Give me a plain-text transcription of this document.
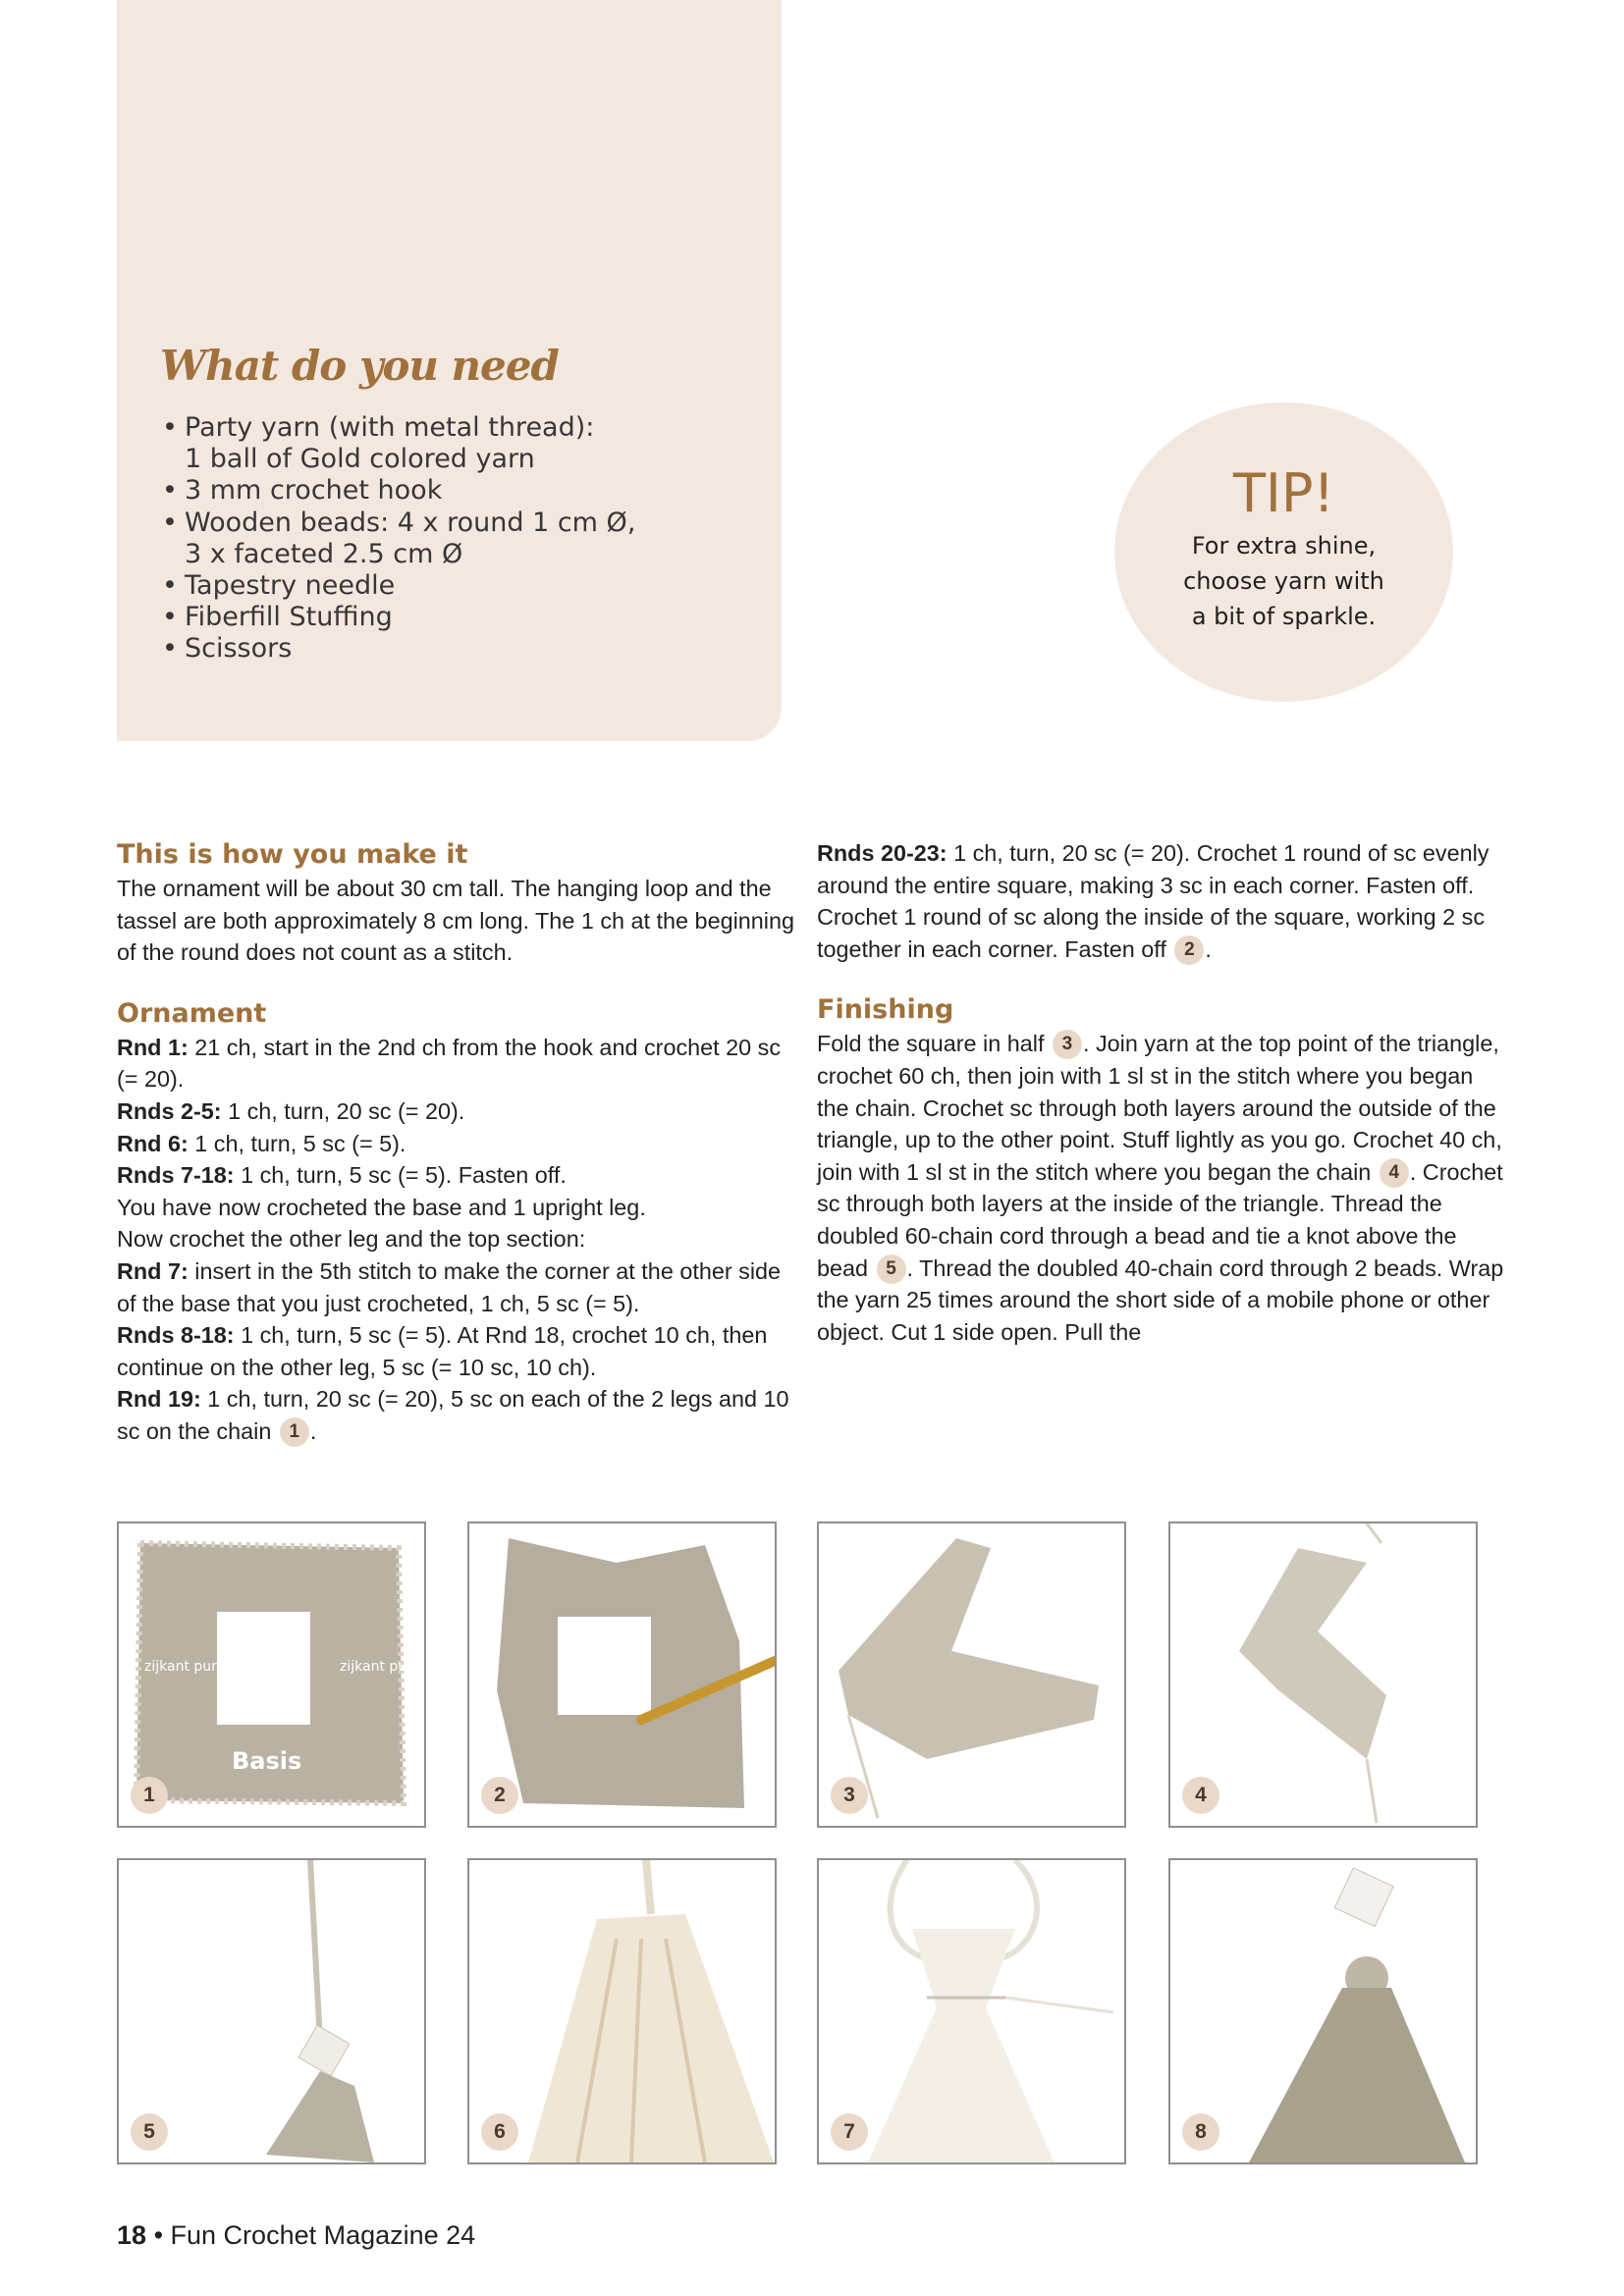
What do you need
• Party yarn (with metal thread):
1 ball of Gold colored yarn
• 3 mm crochet hook
• Wooden beads: 4 x round 1 cm Ø,
3 x faceted 2.5 cm Ø
• Tapestry needle
• Fiberfill Stuffing
• Scissors

TIP!

For extra shine,
choose yarn with
a bit of sparkle.

This is how you make it

The ornament will be about 30 cm tall. The hanging loop and the tassel are both approximately 8 cm long. The 1 ch at the beginning of the round does not count as a stitch.

Ornament

Rnd 1: 21 ch, start in the 2nd ch from the hook and crochet 20 sc (= 20).

Rnds 2-5: 1 ch, turn, 20 sc (= 20).

Rnd 6: 1 ch, turn, 5 sc (= 5).

Rnds 7-18: 1 ch, turn, 5 sc (= 5). Fasten off.

You have now crocheted the base and 1 upright leg.

Now crochet the other leg and the top section:

Rnd 7: insert in the 5th stitch to make the corner at the other side of the base that you just crocheted, 1 ch, 5 sc (= 5).

Rnds 8-18: 1 ch, turn, 5 sc (= 5). At Rnd 18, crochet 10 ch, then continue on the other leg, 5 sc (= 10 sc, 10 ch).

Rnd 19: 1 ch, turn, 20 sc (= 20), 5 sc on each of the 2 legs and 10 sc on the chain 1 .

Rnds 20-23: 1 ch, turn, 20 sc (= 20). Crochet 1 round of sc evenly around the entire square, making 3 sc in each corner. Fasten off.

Crochet 1 round of sc along the inside of the square, working 2 sc together in each corner. Fasten off 2 .

Finishing

Fold the square in half 3 . Join yarn at the top point of the triangle, crochet 60 ch, then join with 1 sl st in the stitch where you began the chain. Crochet sc through both layers around the outside of the triangle, up to the other point. Stuff lightly as you go. Crochet 40 ch, join with 1 sl st in the stitch where you began the chain 4 . Crochet sc through both layers at the inside of the triangle. Thread the doubled 60-chain cord through a bead and tie a knot above the bead 5 . Thread the doubled 40-chain cord through 2 beads. Wrap the yarn 25 times around the short side of a mobile phone or other object. Cut 1 side open. Pull the

zijkant punt	zijkant punt
Basis
1	2	3	4
5	6	7	8
18 • Fun Crochet Magazine 24
